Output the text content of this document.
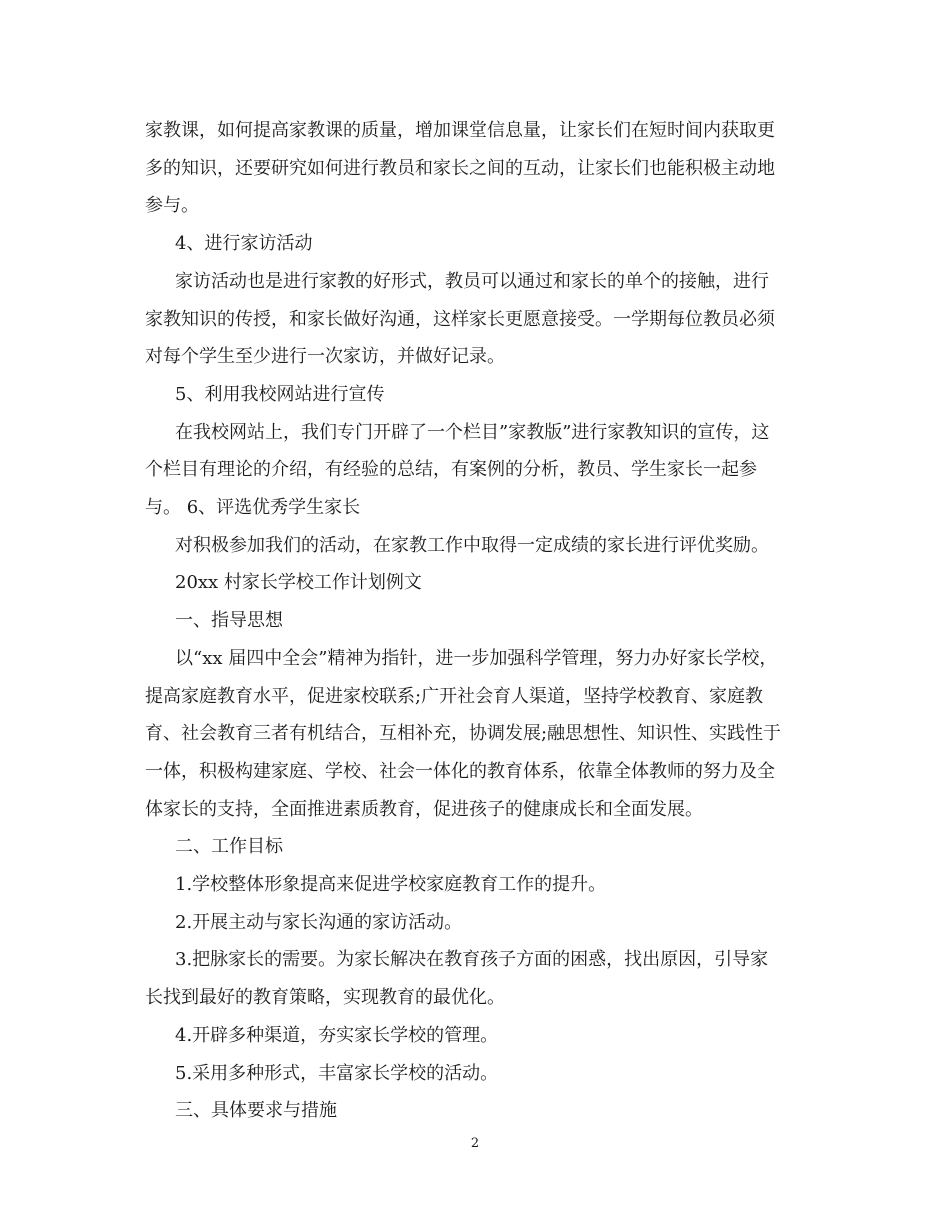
家教课，如何提高家教课的质量，增加课堂信息量，让家长们在短时间内获取更

多的知识，还要研究如何进行教员和家长之间的互动，让家长们也能积极主动地

参与。

4、进行家访活动

家访活动也是进行家教的好形式，教员可以通过和家长的单个的接触，进行

家教知识的传授，和家长做好沟通，这样家长更愿意接受。一学期每位教员必须

对每个学生至少进行一次家访，并做好记录。

5、利用我校网站进行宣传

在我校网站上，我们专门开辟了一个栏目”家教版”进行家教知识的宣传，这

个栏目有理论的介绍，有经验的总结，有案例的分析，教员、学生家长一起参

与。 6、评选优秀学生家长

对积极参加我们的活动，在家教工作中取得一定成绩的家长进行评优奖励。

20xx 村家长学校工作计划例文

一、指导思想

以“xx 届四中全会”精神为指针，进一步加强科学管理，努力办好家长学校，

提高家庭教育水平，促进家校联系;广开社会育人渠道，坚持学校教育、家庭教

育、社会教育三者有机结合，互相补充，协调发展;融思想性、知识性、实践性于

一体，积极构建家庭、学校、社会一体化的教育体系，依靠全体教师的努力及全

体家长的支持，全面推进素质教育，促进孩子的健康成长和全面发展。

二、工作目标

1.学校整体形象提高来促进学校家庭教育工作的提升。

2.开展主动与家长沟通的家访活动。

3.把脉家长的需要。为家长解决在教育孩子方面的困惑，找出原因，引导家

长找到最好的教育策略，实现教育的最优化。

4.开辟多种渠道，夯实家长学校的管理。

5.采用多种形式，丰富家长学校的活动。

三、具体要求与措施

2
